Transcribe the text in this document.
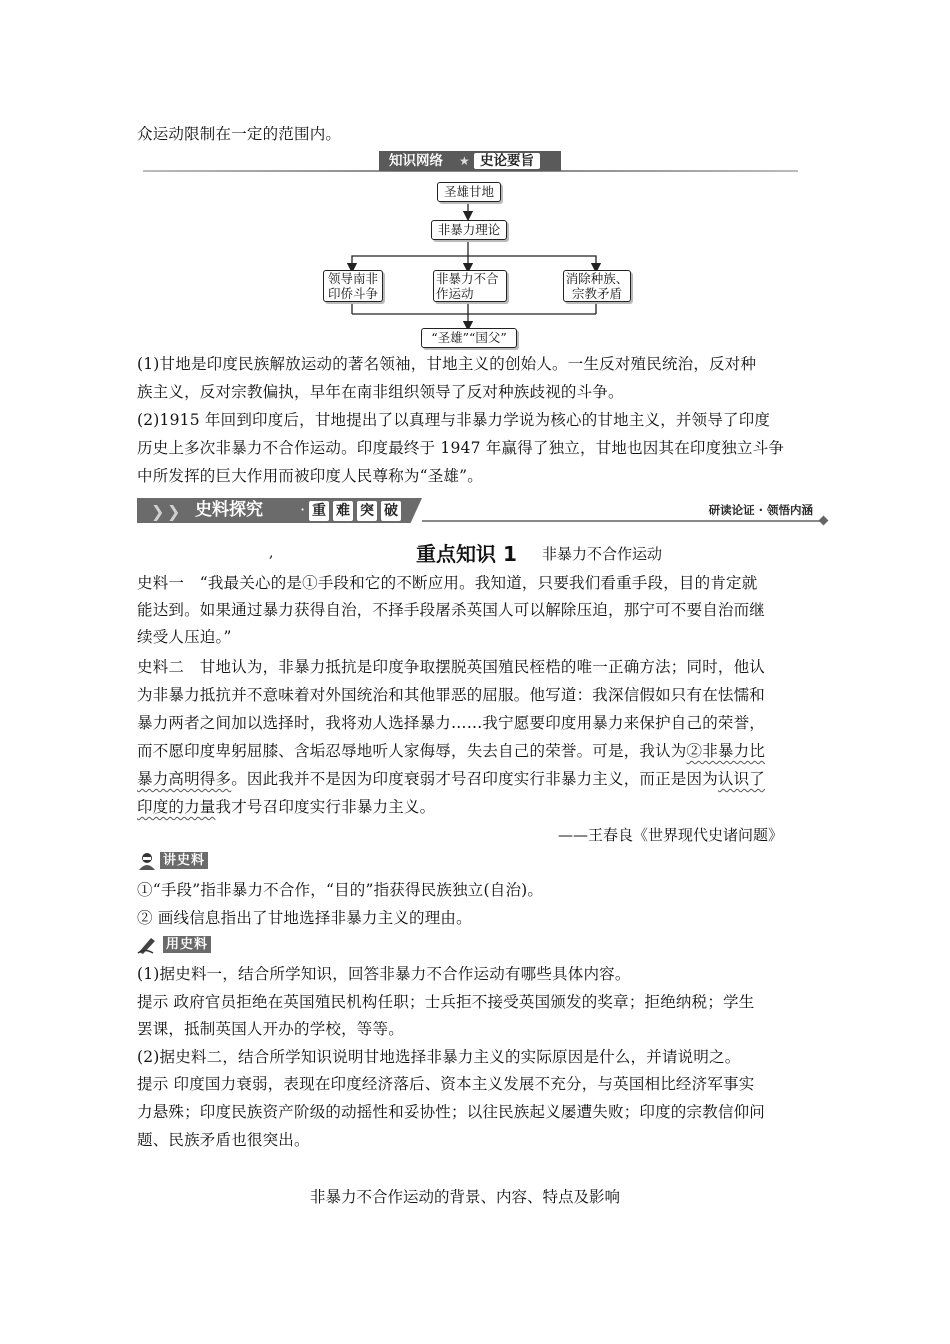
众运动限制在一定的范围内。
知识网络 ★ 史论要旨
圣雄甘地
非暴力理论
领导南非
印侨斗争
非暴力不合
作运动
消除种族、
宗教矛盾
“圣雄”“国父”
(1)甘地是印度民族解放运动的著名领袖，甘地主义的创始人。一生反对殖民统治，反对种
族主义，反对宗教偏执，早年在南非组织领导了反对种族歧视的斗争。
(2)1915 年回到印度后，甘地提出了以真理与非暴力学说为核心的甘地主义，并领导了印度
历史上多次非暴力不合作运动。印度最终于 1947 年赢得了独立，甘地也因其在印度独立斗争
中所发挥的巨大作用而被印度人民尊称为“圣雄”。
❯ ❯ 史料探究 · 重 难 突 破	研读论证 · 领悟内涵
,	重点知识 1 非暴力不合作运动
史料一　“我最关心的是①手段和它的不断应用。我知道，只要我们看重手段，目的肯定就
能达到。如果通过暴力获得自治，不择手段屠杀英国人可以解除压迫，那宁可不要自治而继
续受人压迫。”
史料二　甘地认为，非暴力抵抗是印度争取摆脱英国殖民桎梏的唯一正确方法；同时，他认
为非暴力抵抗并不意味着对外国统治和其他罪恶的屈服。他写道：我深信假如只有在怯懦和
暴力两者之间加以选择时，我将劝人选择暴力……我宁愿要印度用暴力来保护自己的荣誉，
而不愿印度卑躬屈膝、含垢忍辱地听人家侮辱，失去自己的荣誉。可是，我认为②非暴力比
暴力高明得多。因此我并不是因为印度衰弱才号召印度实行非暴力主义，而正是因为认识了
印度的力量我才号召印度实行非暴力主义。
——王春良《世界现代史诸问题》
讲史料
①“手段”指非暴力不合作，“目的”指获得民族独立(自治)。
② 画线信息指出了甘地选择非暴力主义的理由。
用史料
(1)据史料一，结合所学知识，回答非暴力不合作运动有哪些具体内容。
提示 政府官员拒绝在英国殖民机构任职；士兵拒不接受英国颁发的奖章；拒绝纳税；学生
罢课，抵制英国人开办的学校，等等。
(2)据史料二，结合所学知识说明甘地选择非暴力主义的实际原因是什么，并请说明之。
提示 印度国力衰弱，表现在印度经济落后、资本主义发展不充分，与英国相比经济军事实
力悬殊；印度民族资产阶级的动摇性和妥协性；以往民族起义屡遭失败；印度的宗教信仰问
题、民族矛盾也很突出。
非暴力不合作运动的背景、内容、特点及影响
